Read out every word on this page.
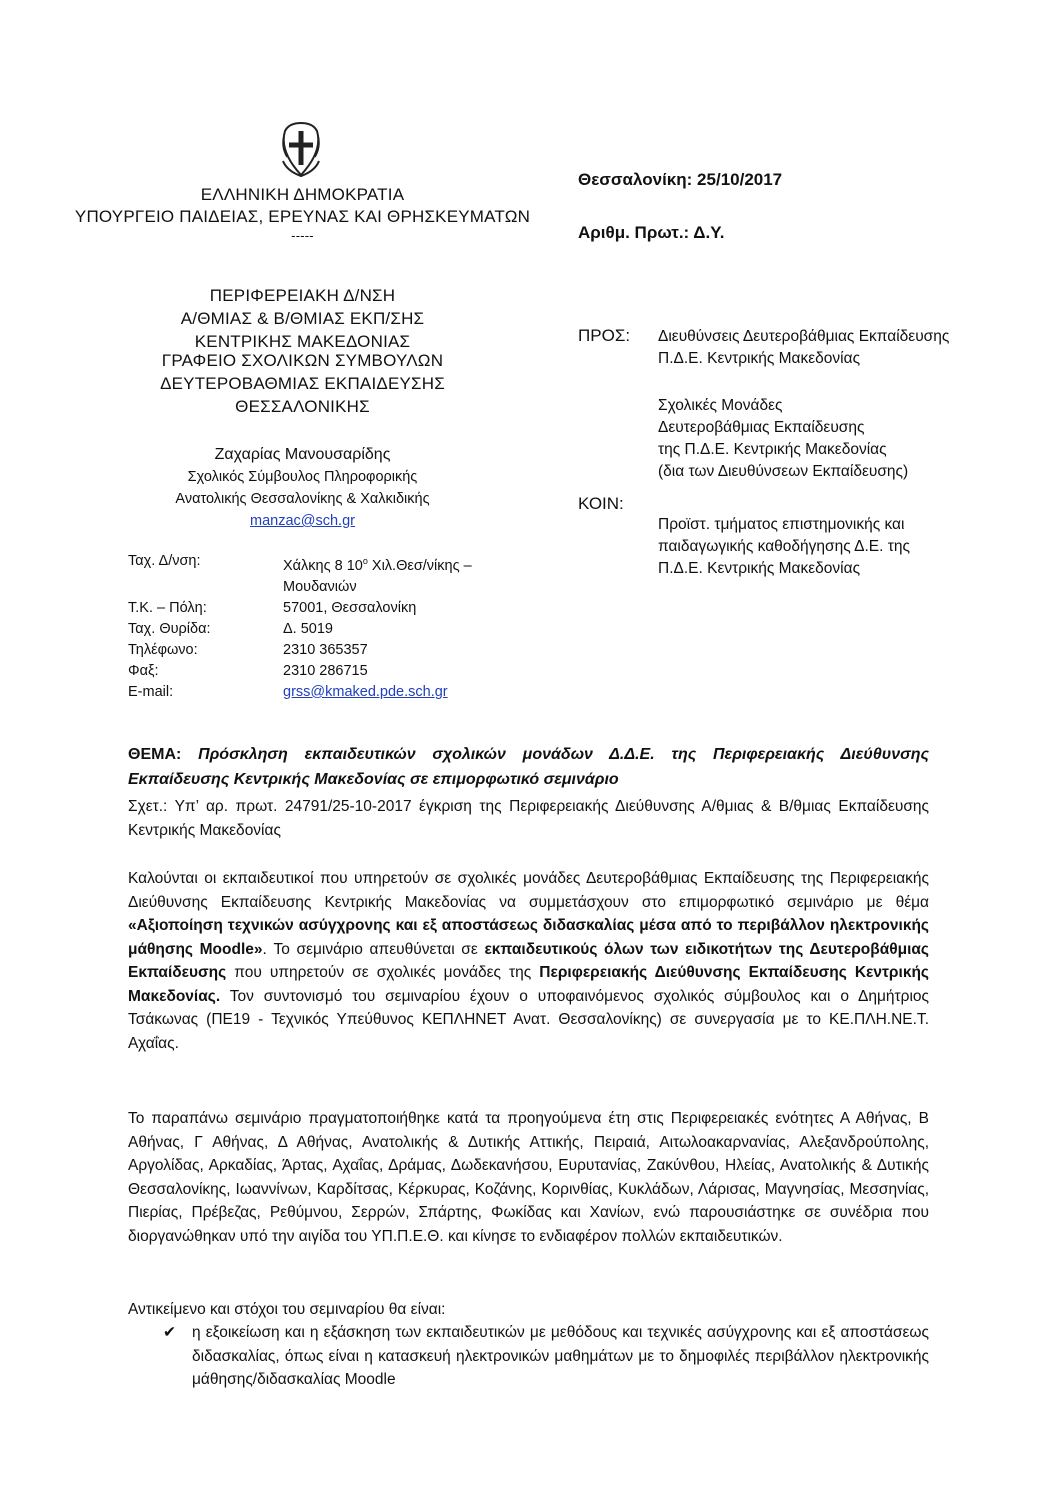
ΕΛΛΗΝΙΚΗ ΔΗΜΟΚΡΑΤΙΑ
ΥΠΟΥΡΓΕΙΟ ΠΑΙΔΕΙΑΣ, ΕΡΕΥΝΑΣ ΚΑΙ ΘΡΗΣΚΕΥΜΑΤΩΝ
-----
ΠΕΡΙΦΕΡΕΙΑΚΗ Δ/ΝΣΗ
Α/ΘΜΙΑΣ & Β/ΘΜΙΑΣ ΕΚΠ/ΣΗΣ
ΚΕΝΤΡΙΚΗΣ ΜΑΚΕΔΟΝΙΑΣ
ΓΡΑΦΕΙΟ ΣΧΟΛΙΚΩΝ ΣΥΜΒΟΥΛΩΝ
ΔΕΥΤΕΡΟΒΑΘΜΙΑΣ ΕΚΠΑΙΔΕΥΣΗΣ
ΘΕΣΣΑΛΟΝΙΚΗΣ
Ζαχαρίας Μανουσαρίδης
Σχολικός Σύμβουλος Πληροφορικής
Ανατολικής Θεσσαλονίκης & Χαλκιδικής
manzac@sch.gr
Ταχ. Δ/νση:	Χάλκης 8 $10^o$ Χιλ.Θεσ/νίκης –
Μουδανιών
Τ.Κ. – Πόλη:	57001, Θεσσαλονίκη
Ταχ. Θυρίδα:	Δ. 5019
Τηλέφωνο:	2310 365357
Φαξ:	2310 286715
E-mail:	grss@kmaked.pde.sch.gr
Θεσσαλονίκη: 25/10/2017
Αριθμ. Πρωτ.: Δ.Υ.
ΠΡΟΣ: Διευθύνσεις Δευτεροβάθμιας Εκπαίδευσης
Π.Δ.Ε. Κεντρικής Μακεδονίας
Σχολικές Μονάδες
Δευτεροβάθμιας Εκπαίδευσης
της Π.Δ.Ε. Κεντρικής Μακεδονίας
(δια των Διευθύνσεων Εκπαίδευσης)
ΚΟΙΝ:
Προϊστ. τμήματος επιστημονικής και
παιδαγωγικής καθοδήγησης Δ.Ε. της
Π.Δ.Ε. Κεντρικής Μακεδονίας
ΘΕΜΑ: Πρόσκληση εκπαιδευτικών σχολικών μονάδων Δ.Δ.Ε. της Περιφερειακής Διεύθυνσης Εκπαίδευσης Κεντρικής Μακεδονίας σε επιμορφωτικό σεμινάριο
Σχετ.: Υπ’ αρ. πρωτ. 24791/25-10-2017 έγκριση της Περιφερειακής Διεύθυνσης Α/θμιας & Β/θμιας Εκπαίδευσης Κεντρικής Μακεδονίας
Καλούνται οι εκπαιδευτικοί που υπηρετούν σε σχολικές μονάδες Δευτεροβάθμιας Εκπαίδευσης της Περιφερειακής Διεύθυνσης Εκπαίδευσης Κεντρικής Μακεδονίας να συμμετάσχουν στο επιμορφωτικό σεμινάριο με θέμα «Αξιοποίηση τεχνικών ασύγχρονης και εξ αποστάσεως διδασκαλίας μέσα από το περιβάλλον ηλεκτρονικής μάθησης Moodle». Το σεμινάριο απευθύνεται σε εκπαιδευτικούς όλων των ειδικοτήτων της Δευτεροβάθμιας Εκπαίδευσης που υπηρετούν σε σχολικές μονάδες της Περιφερειακής Διεύθυνσης Εκπαίδευσης Κεντρικής Μακεδονίας. Τον συντονισμό του σεμιναρίου έχουν ο υποφαινόμενος σχολικός σύμβουλος και ο Δημήτριος Τσάκωνας (ΠΕ19 - Τεχνικός Υπεύθυνος ΚΕΠΛΗΝΕΤ Ανατ. Θεσσαλονίκης) σε συνεργασία με το ΚΕ.ΠΛΗ.ΝΕ.Τ. Αχαΐας.
Το παραπάνω σεμινάριο πραγματοποιήθηκε κατά τα προηγούμενα έτη στις Περιφερειακές ενότητες Α Αθήνας, Β Αθήνας, Γ Αθήνας, Δ Αθήνας, Ανατολικής & Δυτικής Αττικής, Πειραιά, Αιτωλοακαρνανίας, Αλεξανδρούπολης, Αργολίδας, Αρκαδίας, Άρτας, Αχαΐας, Δράμας, Δωδεκανήσου, Ευρυτανίας, Ζακύνθου, Ηλείας, Ανατολικής & Δυτικής Θεσσαλονίκης, Ιωαννίνων, Καρδίτσας, Κέρκυρας, Κοζάνης, Κορινθίας, Κυκλάδων, Λάρισας, Μαγνησίας, Μεσσηνίας, Πιερίας, Πρέβεζας, Ρεθύμνου, Σερρών, Σπάρτης, Φωκίδας και Χανίων, ενώ παρουσιάστηκε σε συνέδρια που διοργανώθηκαν υπό την αιγίδα του ΥΠ.Π.Ε.Θ. και κίνησε το ενδιαφέρον πολλών εκπαιδευτικών.
Αντικείμενο και στόχοι του σεμιναρίου θα είναι:
✔ η εξοικείωση και η εξάσκηση των εκπαιδευτικών με μεθόδους και τεχνικές ασύγχρονης και εξ αποστάσεως διδασκαλίας, όπως είναι η κατασκευή ηλεκτρονικών μαθημάτων με το δημοφιλές περιβάλλον ηλεκτρονικής μάθησης/διδασκαλίας Moodle
